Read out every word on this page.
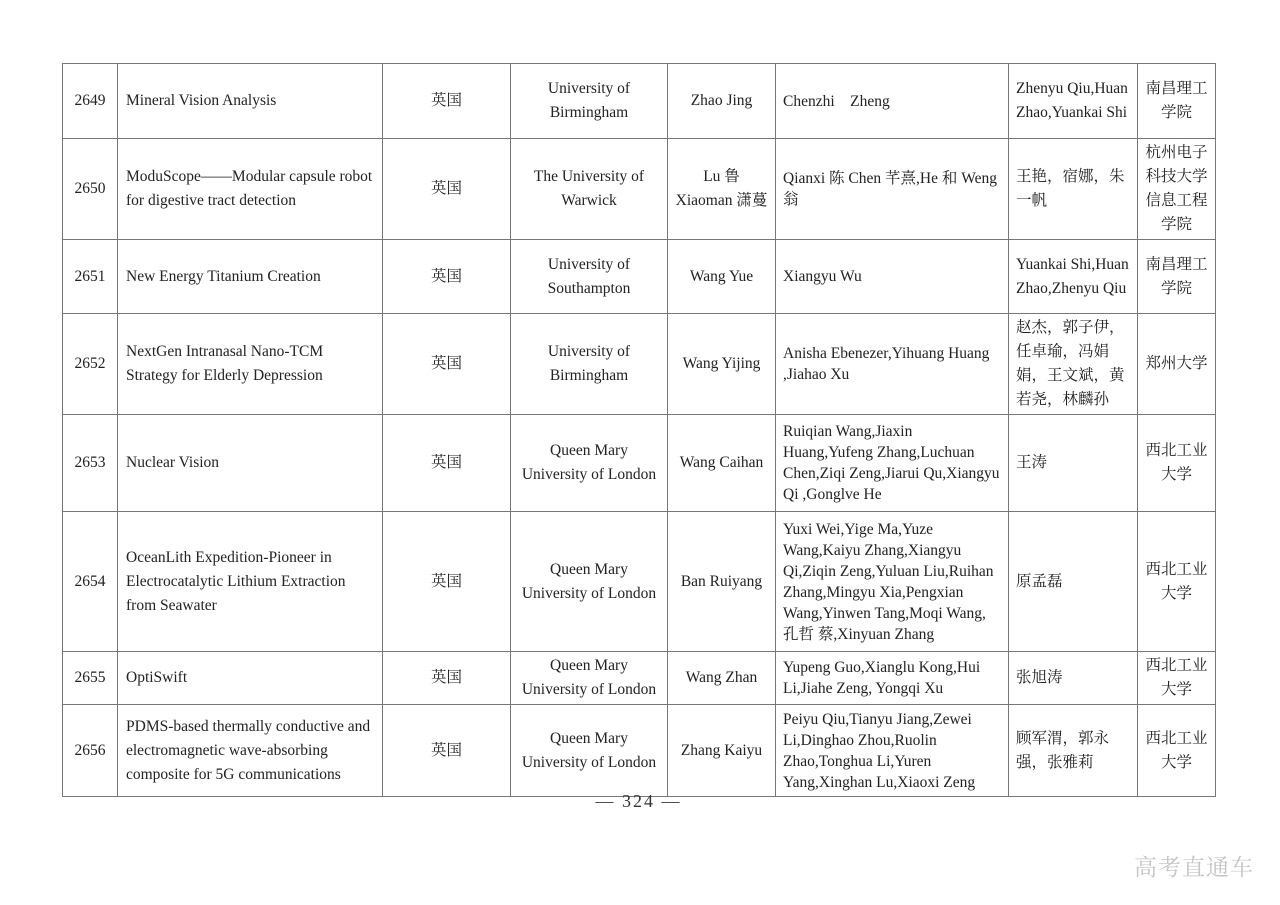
2649	Mineral Vision Analysis	英国	University of Birmingham	Zhao Jing	Chenzhi　Zheng	Zhenyu Qiu,Huan Zhao,Yuankai Shi	南昌理工学院
2650	ModuScope——Modular capsule robot for digestive tract detection	英国	The University of Warwick	Lu 鲁 Xiaoman 潇蔓	Qianxi 陈 Chen 芊熹,He 和 Weng 翁	王艳，宿娜，朱一帆	杭州电子科技大学信息工程学院
2651	New Energy Titanium Creation	英国	University of Southampton	Wang Yue	Xiangyu Wu	Yuankai Shi,Huan Zhao,Zhenyu Qiu	南昌理工学院
2652	NextGen Intranasal Nano-TCM Strategy for Elderly Depression	英国	University of Birmingham	Wang Yijing	Anisha Ebenezer,Yihuang Huang ,Jiahao Xu	赵杰，郭子伊，任卓瑜，冯娟娟，王文斌，黄若尧，林麟孙	郑州大学
2653	Nuclear Vision	英国	Queen Mary University of London	Wang Caihan	Ruiqian Wang,Jiaxin Huang,Yufeng Zhang,Luchuan Chen,Ziqi Zeng,Jiarui Qu,Xiangyu Qi ,Gonglve He	王涛	西北工业大学
2654	OceanLith Expedition-Pioneer in Electrocatalytic Lithium Extraction from Seawater	英国	Queen Mary University of London	Ban Ruiyang	Yuxi Wei,Yige Ma,Yuze Wang,Kaiyu Zhang,Xiangyu Qi,Ziqin Zeng,Yuluan Liu,Ruihan Zhang,Mingyu Xia,Pengxian Wang,Yinwen Tang,Moqi Wang,孔哲 蔡,Xinyuan Zhang	原孟磊	西北工业大学
2655	OptiSwift	英国	Queen Mary University of London	Wang Zhan	Yupeng Guo,Xianglu Kong,Hui Li,Jiahe Zeng, Yongqi Xu	张旭涛	西北工业大学
2656	PDMS-based thermally conductive and electromagnetic wave-absorbing composite for 5G communications	英国	Queen Mary University of London	Zhang Kaiyu	Peiyu Qiu,Tianyu Jiang,Zewei Li,Dinghao Zhou,Ruolin Zhao,Tonghua Li,Yuren Yang,Xinghan Lu,Xiaoxi Zeng	顾军渭，郭永强，张雅莉	西北工业大学
— 324 —
高考直通车
